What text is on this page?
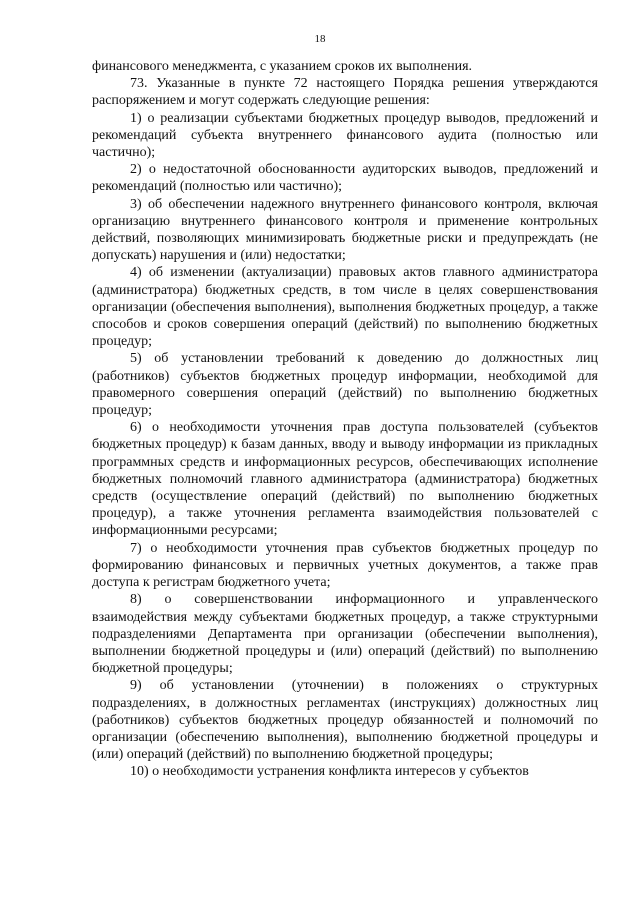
18

финансового менеджмента, с указанием сроков их выполнения.

73. Указанные в пункте 72 настоящего Порядка решения утверждаются распоряжением и могут содержать следующие решения:

1) о реализации субъектами бюджетных процедур выводов, предложений и рекомендаций субъекта внутреннего финансового аудита (полностью или частично);

2) о недостаточной обоснованности аудиторских выводов, предложений и рекомендаций (полностью или частично);

3) об обеспечении надежного внутреннего финансового контроля, включая организацию внутреннего финансового контроля и применение контрольных действий, позволяющих минимизировать бюджетные риски и предупреждать (не допускать) нарушения и (или) недостатки;

4) об изменении (актуализации) правовых актов главного администратора (администратора) бюджетных средств, в том числе в целях совершенствования организации (обеспечения выполнения), выполнения бюджетных процедур, а также способов и сроков совершения операций (действий) по выполнению бюджетных процедур;

5) об установлении требований к доведению до должностных лиц (работников) субъектов бюджетных процедур информации, необходимой для правомерного совершения операций (действий) по выполнению бюджетных процедур;

6) о необходимости уточнения прав доступа пользователей (субъектов бюджетных процедур) к базам данных, вводу и выводу информации из прикладных программных средств и информационных ресурсов, обеспечивающих исполнение бюджетных полномочий главного администратора (администратора) бюджетных средств (осуществление операций (действий) по выполнению бюджетных процедур), а также уточнения регламента взаимодействия пользователей с информационными ресурсами;

7) о необходимости уточнения прав субъектов бюджетных процедур по формированию финансовых и первичных учетных документов, а также прав доступа к регистрам бюджетного учета;

8) о совершенствовании информационного и управленческого взаимодействия между субъектами бюджетных процедур, а также структурными подразделениями Департамента при организации (обеспечении выполнения), выполнении бюджетной процедуры и (или) операций (действий) по выполнению бюджетной процедуры;

9) об установлении (уточнении) в положениях о структурных подразделениях, в должностных регламентах (инструкциях) должностных лиц (работников) субъектов бюджетных процедур обязанностей и полномочий по организации (обеспечению выполнения), выполнению бюджетной процедуры и (или) операций (действий) по выполнению бюджетной процедуры;

10) о необходимости устранения конфликта интересов у субъектов
